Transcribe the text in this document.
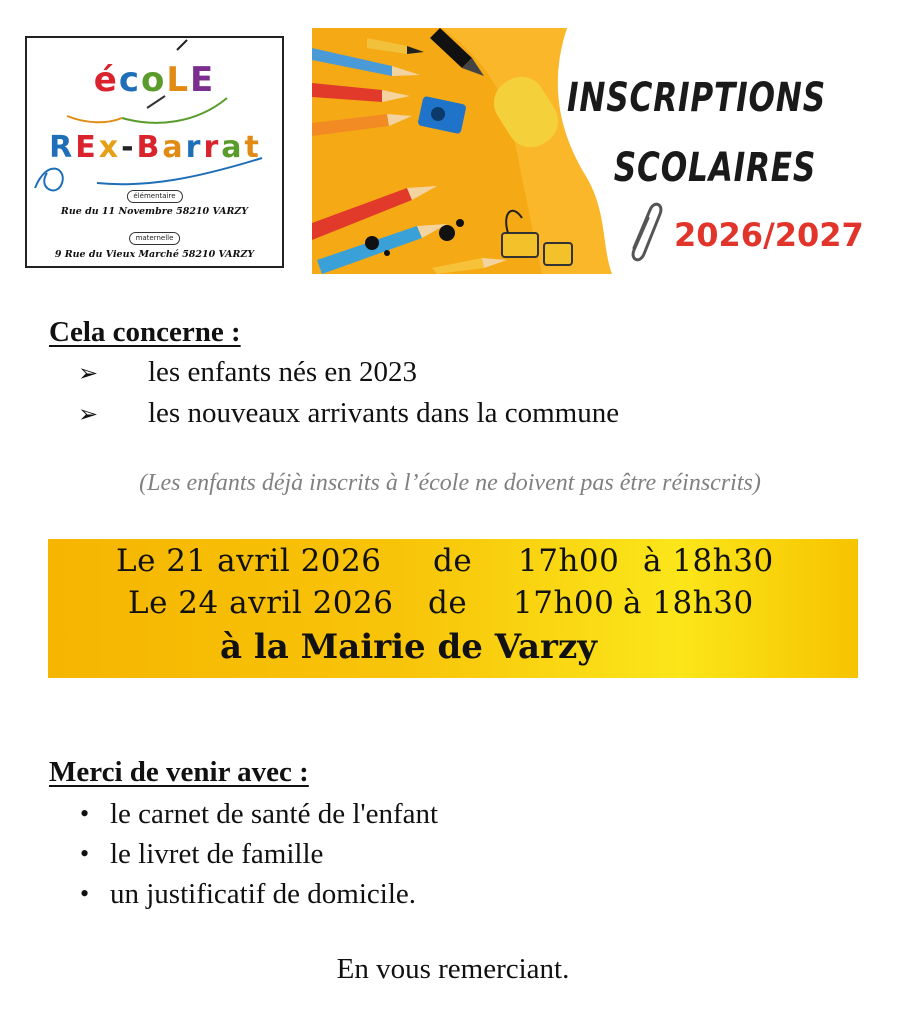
écoLE
REx-Barrat
élémentaire
Rue du 11 Novembre 58210 VARZY
maternelle
9 Rue du Vieux Marché 58210 VARZY
INSCRIPTIONS
SCOLAIRES
2026/2027
Cela concerne :
➢	les enfants nés en 2023
➢	les nouveaux arrivants dans la commune
(Les enfants déjà inscrits à l’école ne doivent pas être réinscrits)
Le 21 avril 2026 de 17h00 à 18h30
Le 24 avril 2026 de 17h00 à 18h30
à la Mairie de Varzy
Merci de venir avec :
• le carnet de santé de l'enfant
• le livret de famille
• un justificatif de domicile.
En vous remerciant.
